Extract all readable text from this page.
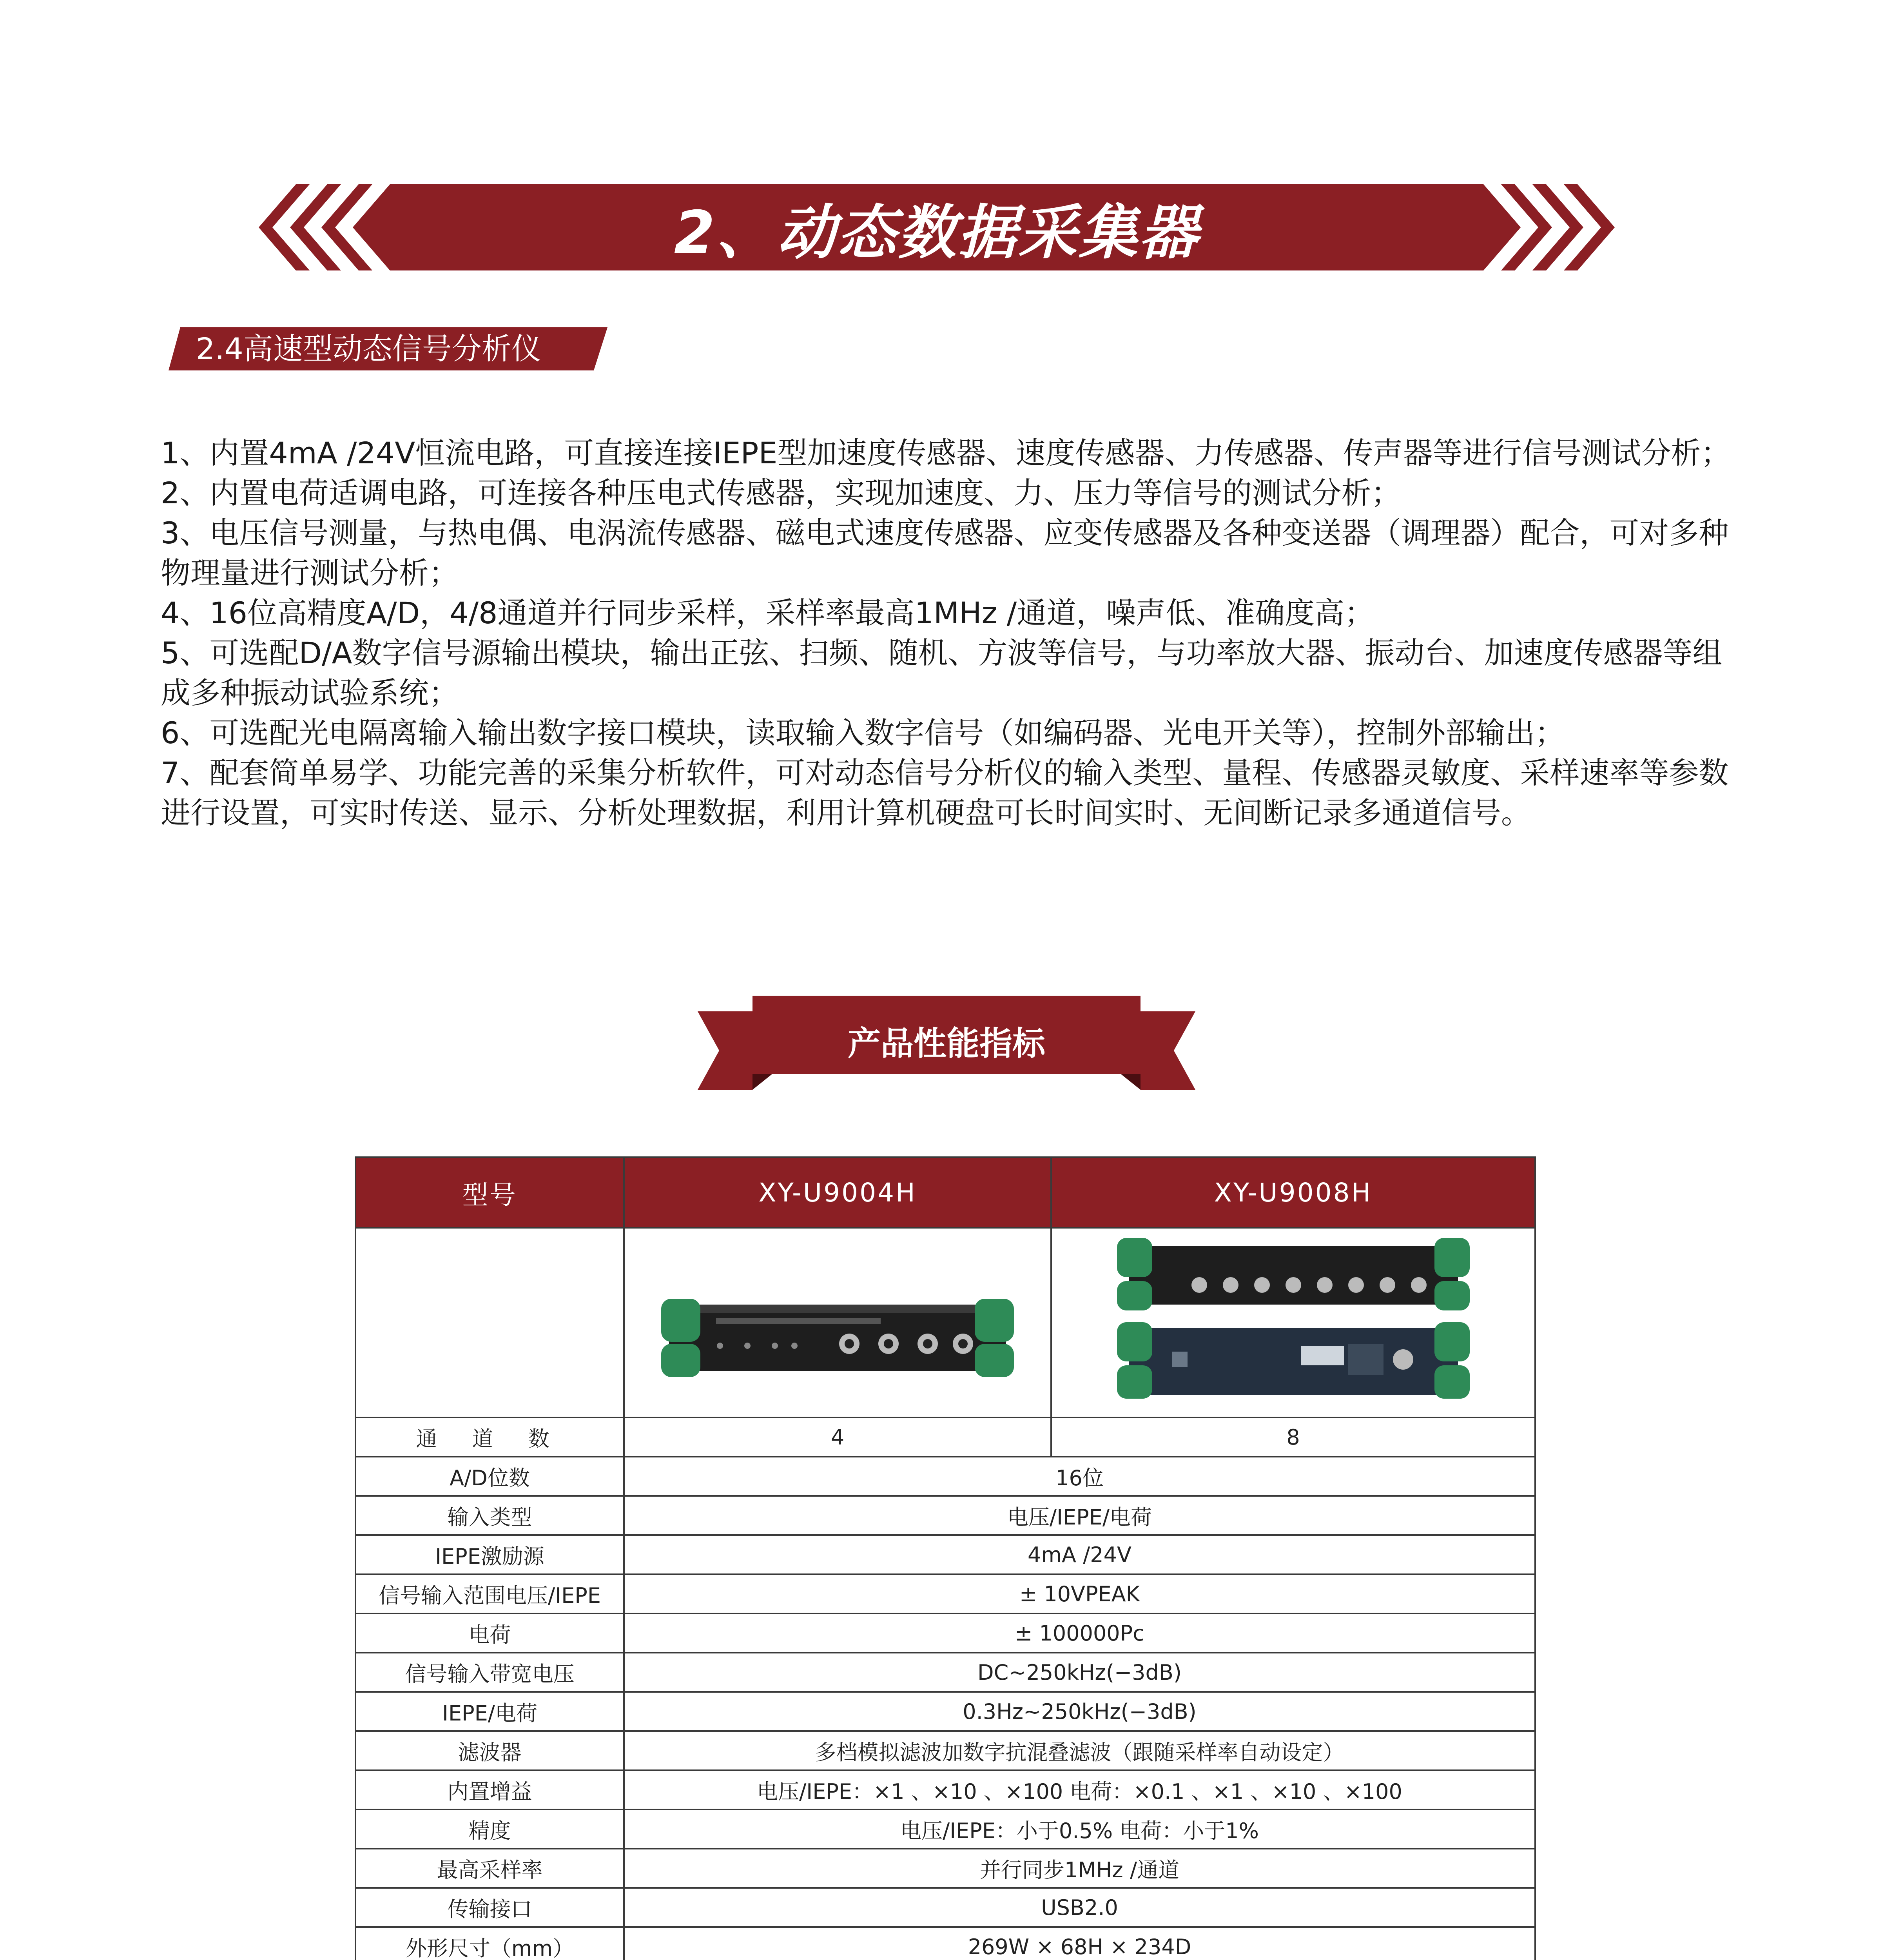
2、动态数据采集器
2.4高速型动态信号分析仪

1、内置4mA /24V恒流电路，可直接连接IEPE型加速度传感器、速度传感器、力传感器、传声器等进行信号测试分析；

2、内置电荷适调电路，可连接各种压电式传感器，实现加速度、力、压力等信号的测试分析；

3、电压信号测量，与热电偶、电涡流传感器、磁电式速度传感器、应变传感器及各种变送器（调理器）配合，可对多种物理量进行测试分析；

4、16位高精度A/D，4/8通道并行同步采样，采样率最高1MHz /通道，噪声低、准确度高；

5、可选配D/A数字信号源输出模块，输出正弦、扫频、随机、方波等信号，与功率放大器、振动台、加速度传感器等组成多种振动试验系统；

6、可选配光电隔离输入输出数字接口模块，读取输入数字信号（如编码器、光电开关等），控制外部输出；

7、配套简单易学、功能完善的采集分析软件，可对动态信号分析仪的输入类型、量程、传感器灵敏度、采样速率等参数进行设置，可实时传送、显示、分析处理数据，利用计算机硬盘可长时间实时、无间断记录多通道信号。

产品性能指标
型号	XY-U9004H	XY-U9008H

通 道 数	4	8
A/D位数	16位	
输入类型	电压/IEPE/电荷	
IEPE激励源	4mA /24V	
信号输入范围电压/IEPE	± 10VPEAK	
电荷	± 100000Pc	
信号输入带宽电压	DC~250kHz(−3dB)	
IEPE/电荷	0.3Hz~250kHz(−3dB)	
滤波器	多档模拟滤波加数字抗混叠滤波（跟随采样率自动设定）	
内置增益	电压/IEPE：×1 、×10 、×100 电荷：×0.1 、×1 、×10 、×100	
精度	电压/IEPE：小于0.5% 电荷：小于1%	
最高采样率	并行同步1MHz /通道	
传输接口	USB2.0	
外形尺寸（mm）	269W × 68H × 234D	
